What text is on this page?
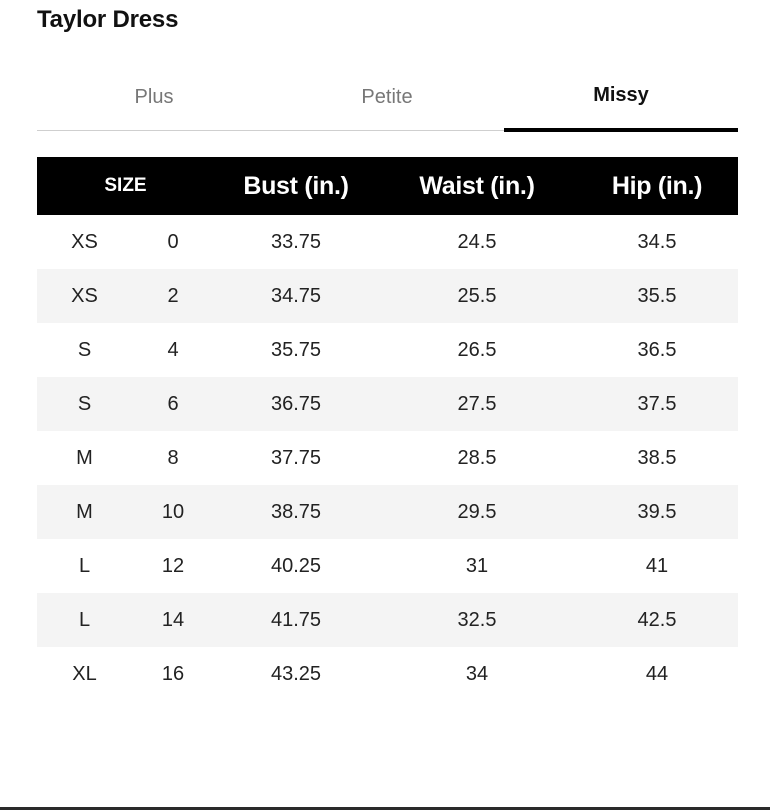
Taylor Dress
Plus	Petite	Missy
SIZE		Bust (in.)	Waist (in.)	Hip (in.)
XS	0	33.75	24.5	34.5
XS	2	34.75	25.5	35.5
S	4	35.75	26.5	36.5
S	6	36.75	27.5	37.5
M	8	37.75	28.5	38.5
M	10	38.75	29.5	39.5
L	12	40.25	31	41
L	14	41.75	32.5	42.5
XL	16	43.25	34	44
